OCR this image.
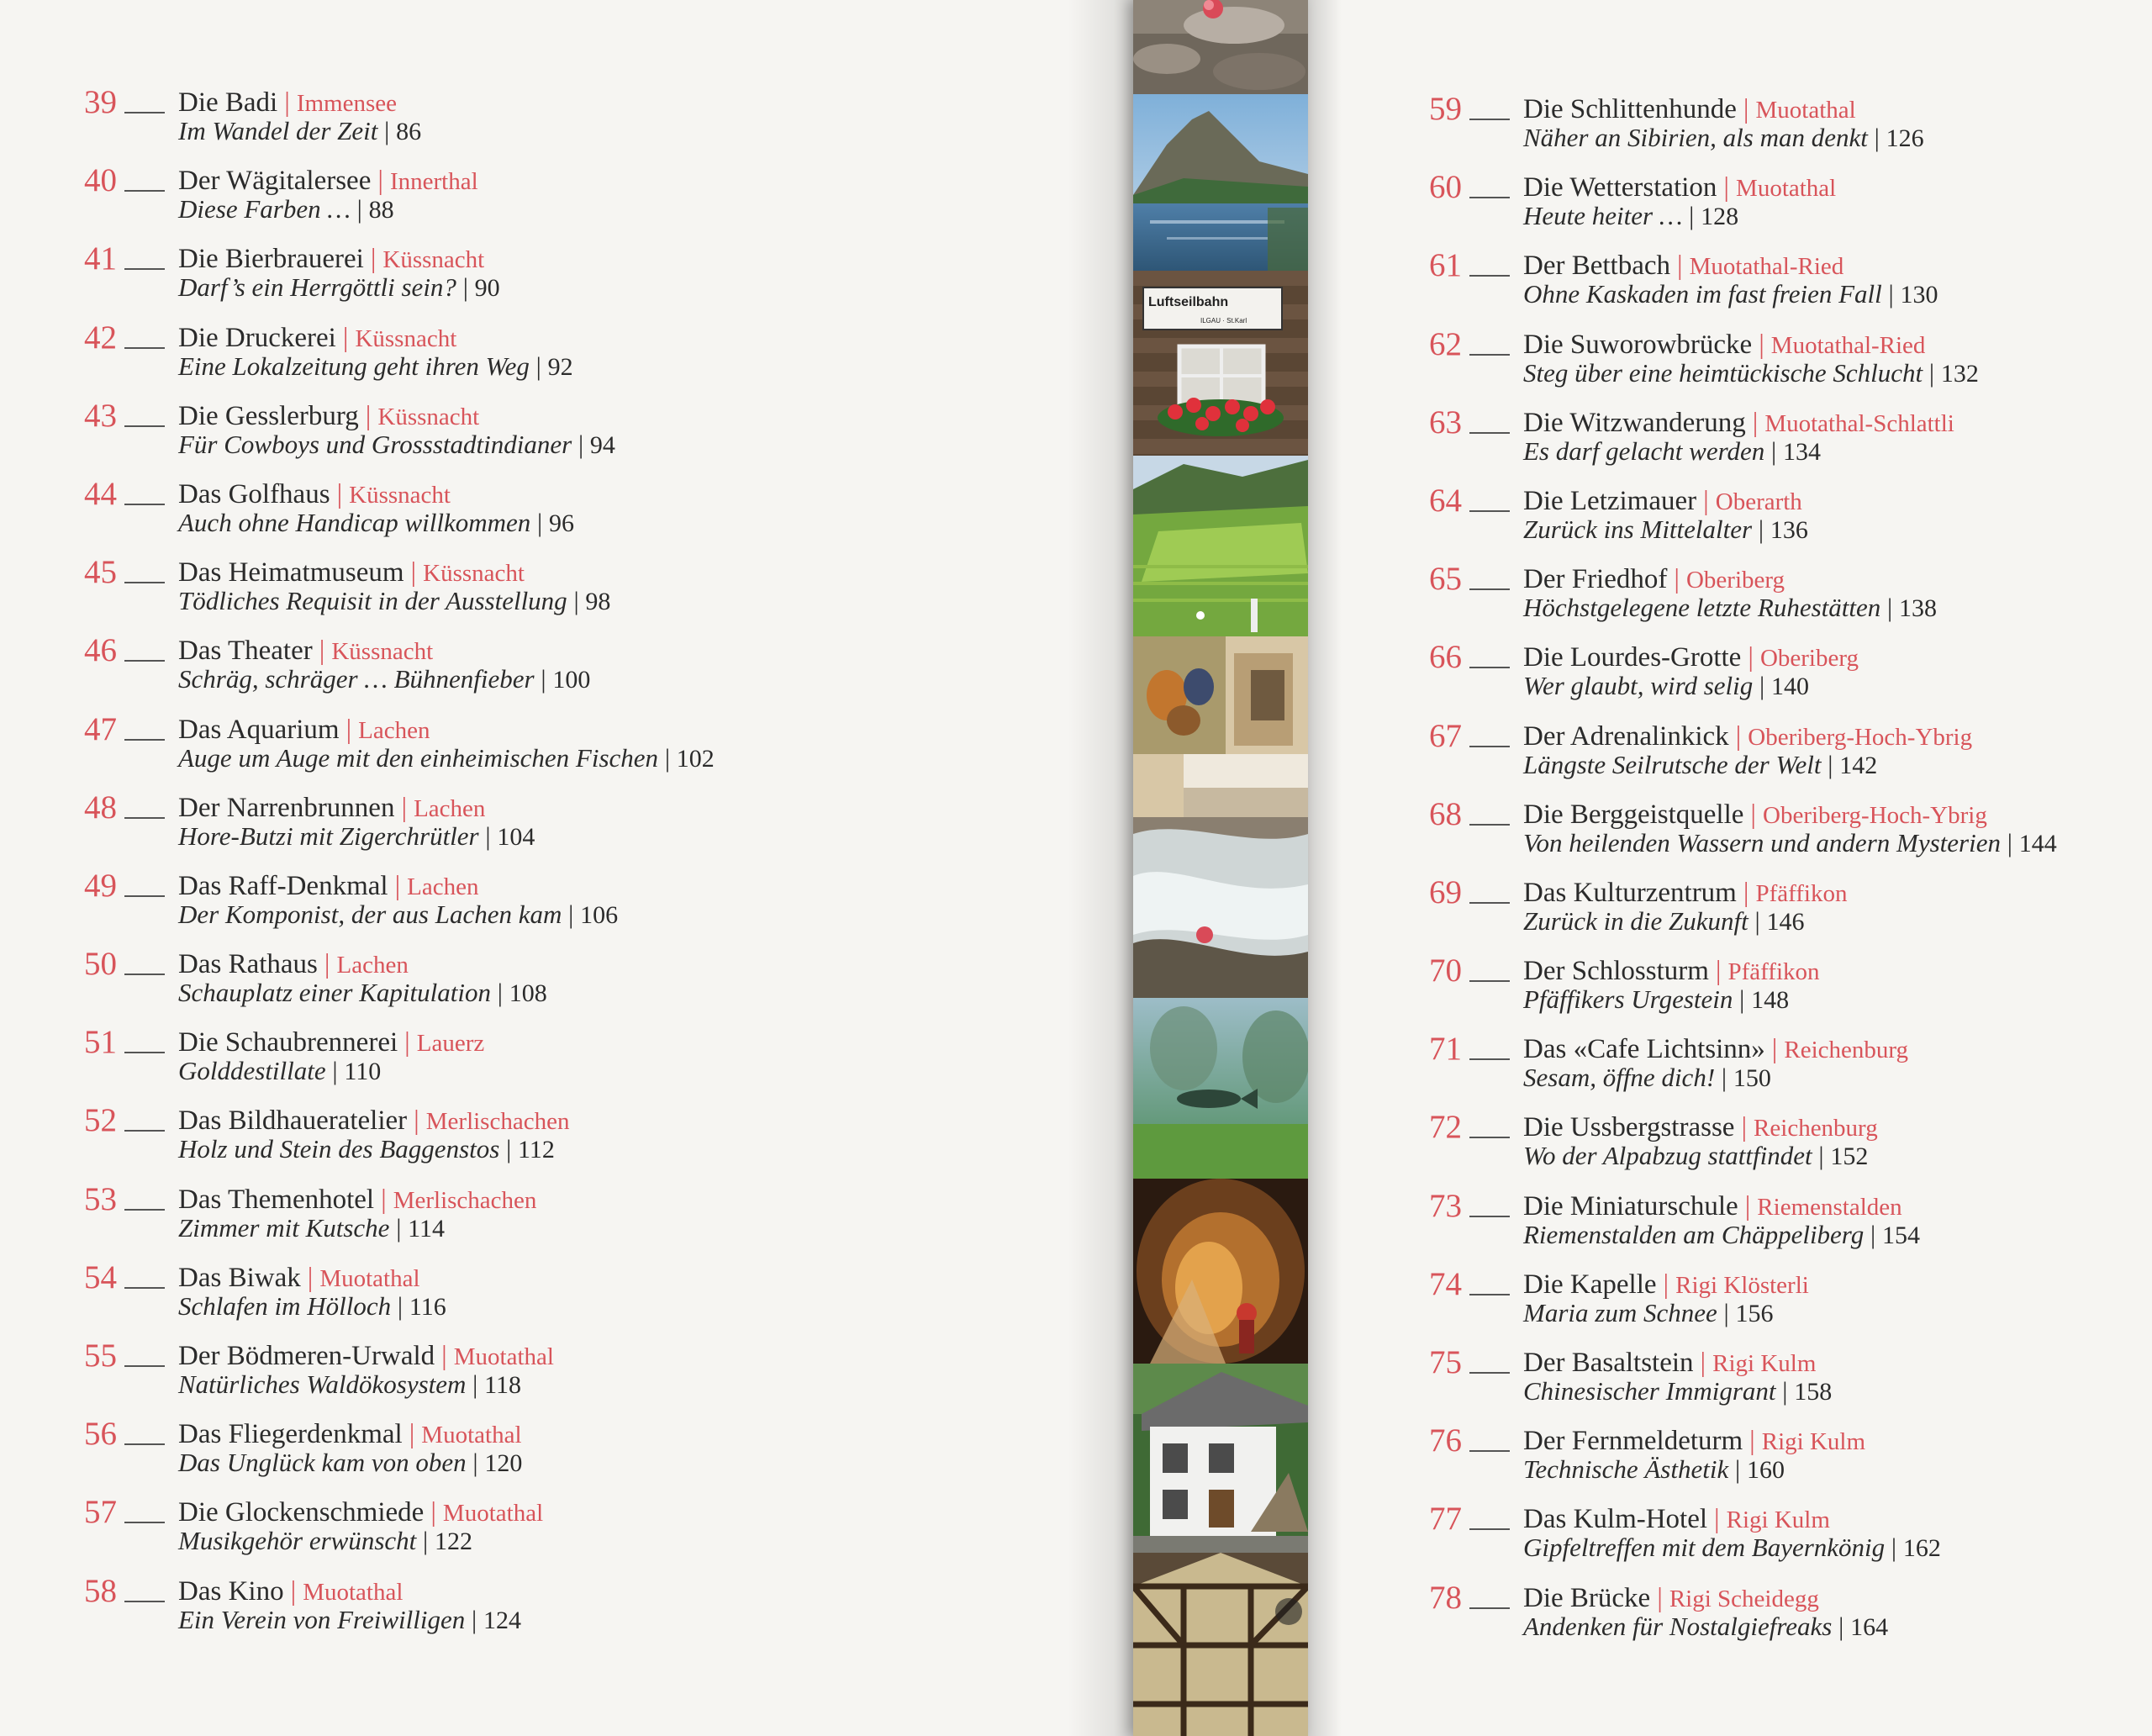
39	Die Badi | Immensee
Im Wandel der Zeit | 86
40	Der Wägitalersee | Innerthal
Diese Farben … | 88
41	Die Bierbrauerei | Küssnacht
Darf’s ein Herrgöttli sein? | 90
42	Die Druckerei | Küssnacht
Eine Lokalzeitung geht ihren Weg | 92
43	Die Gesslerburg | Küssnacht
Für Cowboys und Grossstadtindianer | 94
44	Das Golfhaus | Küssnacht
Auch ohne Handicap willkommen | 96
45	Das Heimatmuseum | Küssnacht
Tödliches Requisit in der Ausstellung | 98
46	Das Theater | Küssnacht
Schräg, schräger … Bühnenfieber | 100
47	Das Aquarium | Lachen
Auge um Auge mit den einheimischen Fischen | 102
48	Der Narrenbrunnen | Lachen
Hore-Butzi mit Zigerchrütler | 104
49	Das Raff-Denkmal | Lachen
Der Komponist, der aus Lachen kam | 106
50	Das Rathaus | Lachen
Schauplatz einer Kapitulation | 108
51	Die Schaubrennerei | Lauerz
Golddestillate | 110
52	Das Bildhaueratelier | Merlischachen
Holz und Stein des Baggenstos | 112
53	Das Themenhotel | Merlischachen
Zimmer mit Kutsche | 114
54	Das Biwak | Muotathal
Schlafen im Hölloch | 116
55	Der Bödmeren-Urwald | Muotathal
Natürliches Waldökosystem | 118
56	Das Fliegerdenkmal | Muotathal
Das Unglück kam von oben | 120
57	Die Glockenschmiede | Muotathal
Musikgehör erwünscht | 122
58	Das Kino | Muotathal
Ein Verein von Freiwilligen | 124
Luftseilbahn
ILGAU · St.Karl
59	Die Schlittenhunde | Muotathal
Näher an Sibirien, als man denkt | 126
60	Die Wetterstation | Muotathal
Heute heiter … | 128
61	Der Bettbach | Muotathal-Ried
Ohne Kaskaden im fast freien Fall | 130
62	Die Suworowbrücke | Muotathal-Ried
Steg über eine heimtückische Schlucht | 132
63	Die Witzwanderung | Muotathal-Schlattli
Es darf gelacht werden | 134
64	Die Letzimauer | Oberarth
Zurück ins Mittelalter | 136
65	Der Friedhof | Oberiberg
Höchstgelegene letzte Ruhestätten | 138
66	Die Lourdes-Grotte | Oberiberg
Wer glaubt, wird selig | 140
67	Der Adrenalinkick | Oberiberg-Hoch-Ybrig
Längste Seilrutsche der Welt | 142
68	Die Berggeistquelle | Oberiberg-Hoch-Ybrig
Von heilenden Wassern und andern Mysterien | 144
69	Das Kulturzentrum | Pfäffikon
Zurück in die Zukunft | 146
70	Der Schlossturm | Pfäffikon
Pfäffikers Urgestein | 148
71	Das «Cafe Lichtsinn» | Reichenburg
Sesam, öffne dich! | 150
72	Die Ussbergstrasse | Reichenburg
Wo der Alpabzug stattfindet | 152
73	Die Miniaturschule | Riemenstalden
Riemenstalden am Chäppeliberg | 154
74	Die Kapelle | Rigi Klösterli
Maria zum Schnee | 156
75	Der Basaltstein | Rigi Kulm
Chinesischer Immigrant | 158
76	Der Fernmeldeturm | Rigi Kulm
Technische Ästhetik | 160
77	Das Kulm-Hotel | Rigi Kulm
Gipfeltreffen mit dem Bayernkönig | 162
78	Die Brücke | Rigi Scheidegg
Andenken für Nostalgiefreaks | 164
